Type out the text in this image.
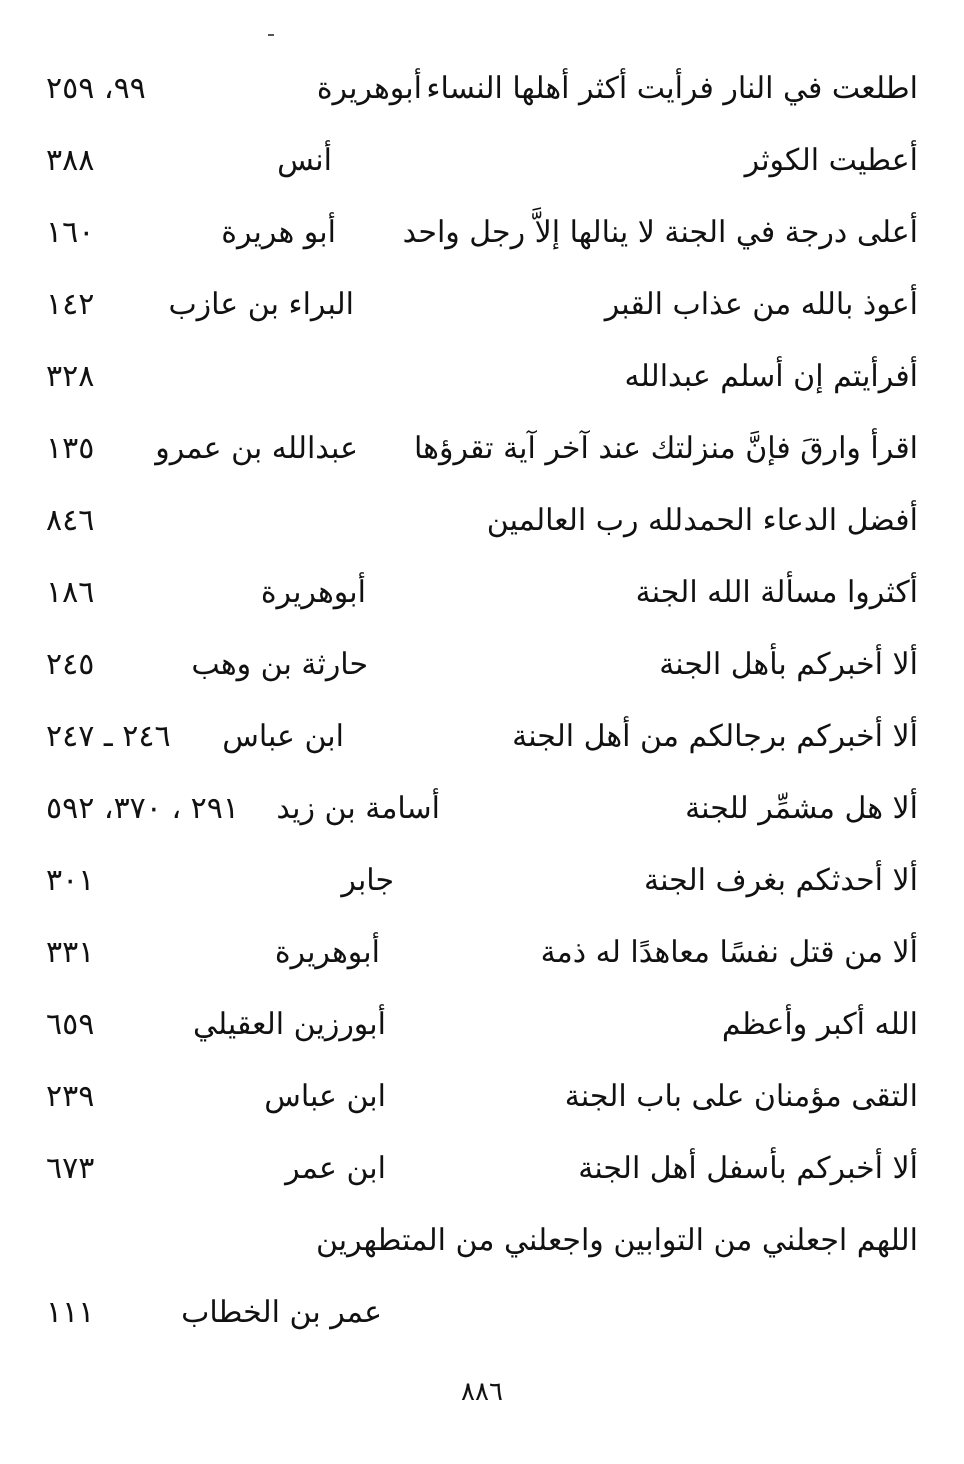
اطلعت في النار فرأيت أكثر أهلها النساء
أبوهريرة
٩٩، ٢٥٩
أعطيت الكوثر
أنس
٣٨٨
أعلى درجة في الجنة لا ينالها إلاَّ رجل واحد
أبو هريرة
١٦٠
أعوذ بالله من عذاب القبر
البراء بن عازب
١٤٢
أفرأيتم إن أسلم عبدالله
٣٢٨
اقرأ وارقَ فإنَّ منزلتك عند آخر آية تقرؤها
عبدالله بن عمرو
١٣٥
أفضل الدعاء الحمدلله رب العالمين
٨٤٦
أكثروا مسألة الله الجنة
أبوهريرة
١٨٦
ألا أخبركم بأهل الجنة
حارثة بن وهب
٢٤٥
ألا أخبركم برجالكم من أهل الجنة
ابن عباس
٢٤٦ ـ ٢٤٧
ألا هل مشمِّر للجنة
أسامة بن زيد
٢٩١ ، ٣٧٠، ٥٩٢
ألا أحدثكم بغرف الجنة
جابر
٣٠١
ألا من قتل نفسًا معاهدًا له ذمة
أبوهريرة
٣٣١
الله أكبر وأعظم
أبورزين العقيلي
٦٥٩
التقى مؤمنان على باب الجنة
ابن عباس
٢٣٩
ألا أخبركم بأسفل أهل الجنة
ابن عمر
٦٧٣
اللهم اجعلني من التوابين واجعلني من المتطهرين
عمر بن الخطاب
١١١
٨٨٦
